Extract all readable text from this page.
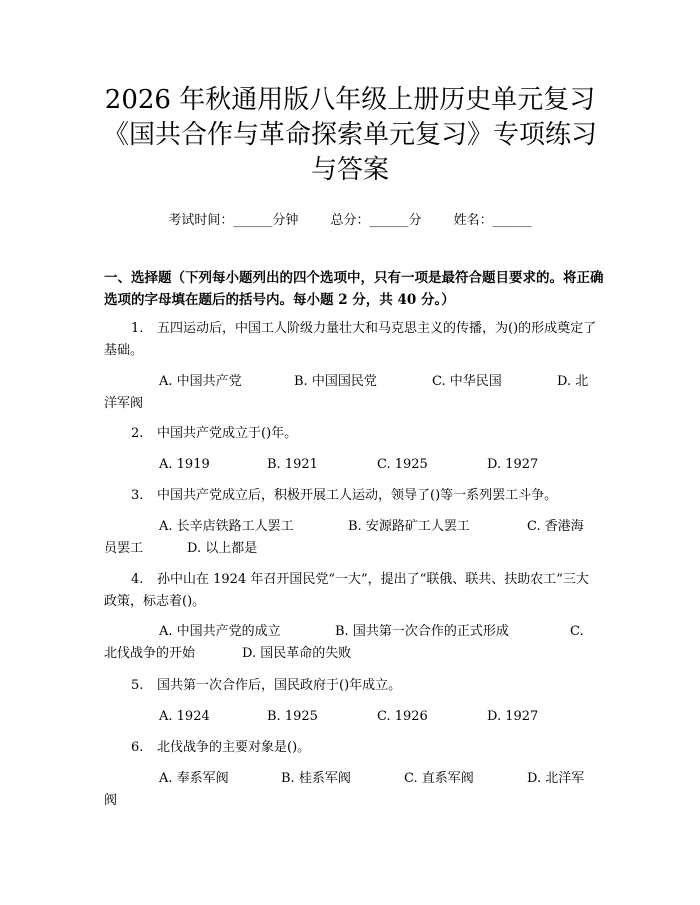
2026 年秋通用版八年级上册历史单元复习
《国共合作与革命探索单元复习》专项练习
与答案
考试时间：______分钟 总分：______分 姓名：______
一、选择题（下列每小题列出的四个选项中，只有一项是最符合题目要求的。将正确选项的字母填在题后的括号内。每小题 2 分，共 40 分。）
1. 五四运动后，中国工人阶级力量壮大和马克思主义的传播，为()的形成奠定了基础。
A. 中国共产党	B. 中国国民党	C. 中华民国	D. 北
洋军阀
2. 中国共产党成立于()年。
A. 1919	B. 1921	C. 1925	D. 1927
3. 中国共产党成立后，积极开展工人运动，领导了()等一系列罢工斗争。
A. 长辛店铁路工人罢工	B. 安源路矿工人罢工	C. 香港海
员罢工	D. 以上都是
4. 孙中山在 1924 年召开国民党“一大”，提出了“联俄、联共、扶助农工”三大政策，标志着()。
A. 中国共产党的成立	B. 国共第一次合作的正式形成	C.
北伐战争的开始	D. 国民革命的失败
5. 国共第一次合作后，国民政府于()年成立。
A. 1924	B. 1925	C. 1926	D. 1927
6. 北伐战争的主要对象是()。
A. 奉系军阀	B. 桂系军阀	C. 直系军阀	D. 北洋军
阀
